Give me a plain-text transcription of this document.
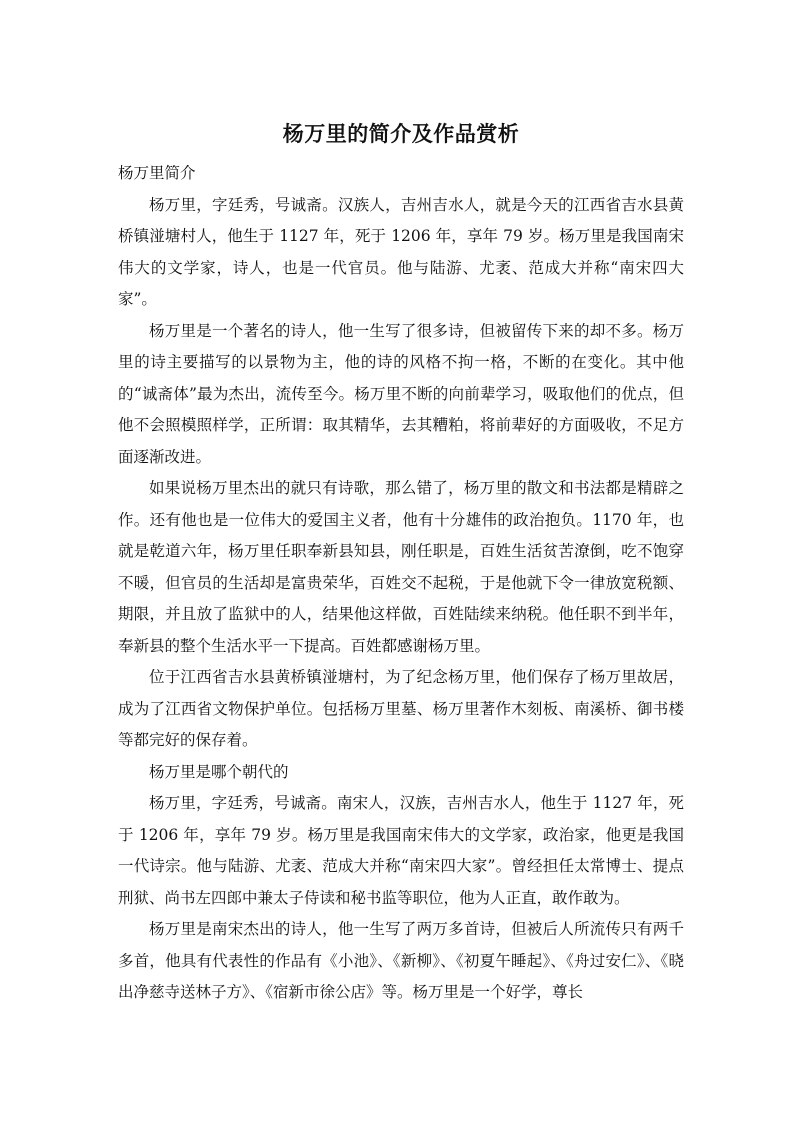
杨万里的简介及作品赏析

杨万里简介

杨万里，字廷秀，号诚斋。汉族人，吉州吉水人，就是今天的江西省吉水县黄桥镇湴塘村人，他生于 1127 年，死于 1206 年，享年 79 岁。杨万里是我国南宋伟大的文学家，诗人，也是一代官员。他与陆游、尤袤、范成大并称“南宋四大家”。

杨万里是一个著名的诗人，他一生写了很多诗，但被留传下来的却不多。杨万里的诗主要描写的以景物为主，他的诗的风格不拘一格，不断的在变化。其中他的“诚斋体”最为杰出，流传至今。杨万里不断的向前辈学习，吸取他们的优点，但他不会照模照样学，正所谓：取其精华，去其糟粕，将前辈好的方面吸收，不足方面逐渐改进。

如果说杨万里杰出的就只有诗歌，那么错了，杨万里的散文和书法都是精辟之作。还有他也是一位伟大的爱国主义者，他有十分雄伟的政治抱负。1170 年，也就是乾道六年，杨万里任职奉新县知县，刚任职是，百姓生活贫苦潦倒，吃不饱穿不暖，但官员的生活却是富贵荣华，百姓交不起税，于是他就下令一律放宽税额、期限，并且放了监狱中的人，结果他这样做，百姓陆续来纳税。他任职不到半年，奉新县的整个生活水平一下提高。百姓都感谢杨万里。

位于江西省吉水县黄桥镇湴塘村，为了纪念杨万里，他们保存了杨万里故居，成为了江西省文物保护单位。包括杨万里墓、杨万里著作木刻板、南溪桥、御书楼等都完好的保存着。

杨万里是哪个朝代的

杨万里，字廷秀，号诚斋。南宋人，汉族，吉州吉水人，他生于 1127 年，死于 1206 年，享年 79 岁。杨万里是我国南宋伟大的文学家，政治家，他更是我国一代诗宗。他与陆游、尤袤、范成大并称“南宋四大家”。曾经担任太常博士、提点刑狱、尚书左四郎中兼太子侍读和秘书监等职位，他为人正直，敢作敢为。

杨万里是南宋杰出的诗人，他一生写了两万多首诗，但被后人所流传只有两千多首，他具有代表性的作品有《小池》、《新柳》、《初夏午睡起》、《舟过安仁》、《晓出净慈寺送林子方》、《宿新市徐公店》等。杨万里是一个好学，尊长
